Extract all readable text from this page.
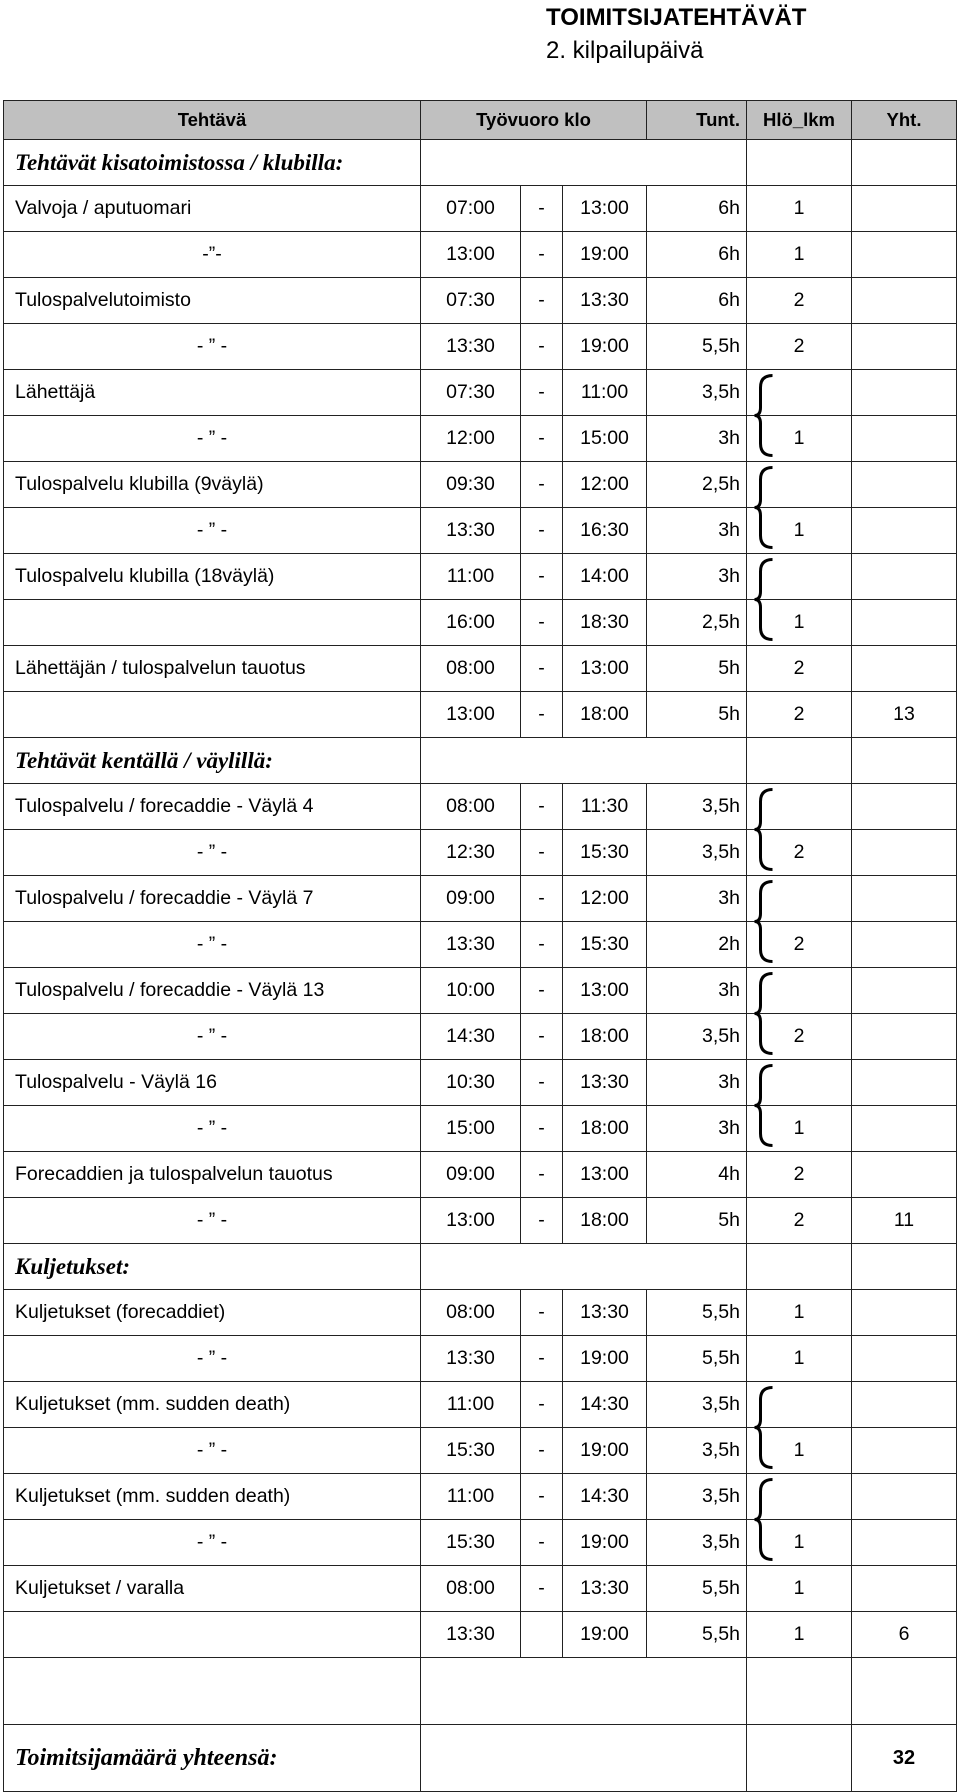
TOIMITSIJATEHTÄVÄT
2. kilpailupäivä
Tehtävä	Työvuoro klo			Tunt.	Hlö_lkm	Yht.
Tehtävät kisatoimistossa / klubilla:						
Valvoja / aputuomari	07:00	-	13:00	6h	1	
-”-	13:00	-	19:00	6h	1	
Tulospalvelutoimisto	07:30	-	13:30	6h	2	
- ” -	13:30	-	19:00	5,5h	2	
Lähettäjä	07:30	-	11:00	3,5h		
- ” -	12:00	-	15:00	3h	1	
Tulospalvelu klubilla (9väylä)	09:30	-	12:00	2,5h		
- ” -	13:30	-	16:30	3h	1	
Tulospalvelu klubilla (18väylä)	11:00	-	14:00	3h		
	16:00	-	18:30	2,5h	1	
Lähettäjän / tulospalvelun tauotus	08:00	-	13:00	5h	2	
	13:00	-	18:00	5h	2	13
Tehtävät kentällä / väylillä:						
Tulospalvelu / forecaddie - Väylä 4	08:00	-	11:30	3,5h		
- ” -	12:30	-	15:30	3,5h	2	
Tulospalvelu / forecaddie - Väylä 7	09:00	-	12:00	3h		
- ” -	13:30	-	15:30	2h	2	
Tulospalvelu / forecaddie - Väylä 13	10:00	-	13:00	3h		
- ” -	14:30	-	18:00	3,5h	2	
Tulospalvelu - Väylä 16	10:30	-	13:30	3h		
- ” -	15:00	-	18:00	3h	1	
Forecaddien ja tulospalvelun tauotus	09:00	-	13:00	4h	2	
- ” -	13:00	-	18:00	5h	2	11
Kuljetukset:						
Kuljetukset (forecaddiet)	08:00	-	13:30	5,5h	1	
- ” -	13:30	-	19:00	5,5h	1	
Kuljetukset (mm. sudden death)	11:00	-	14:30	3,5h		
- ” -	15:30	-	19:00	3,5h	1	
Kuljetukset (mm. sudden death)	11:00	-	14:30	3,5h		
- ” -	15:30	-	19:00	3,5h	1	
Kuljetukset / varalla	08:00	-	13:30	5,5h	1	
	13:30		19:00	5,5h	1	6

Toimitsijamäärä yhteensä:						32
